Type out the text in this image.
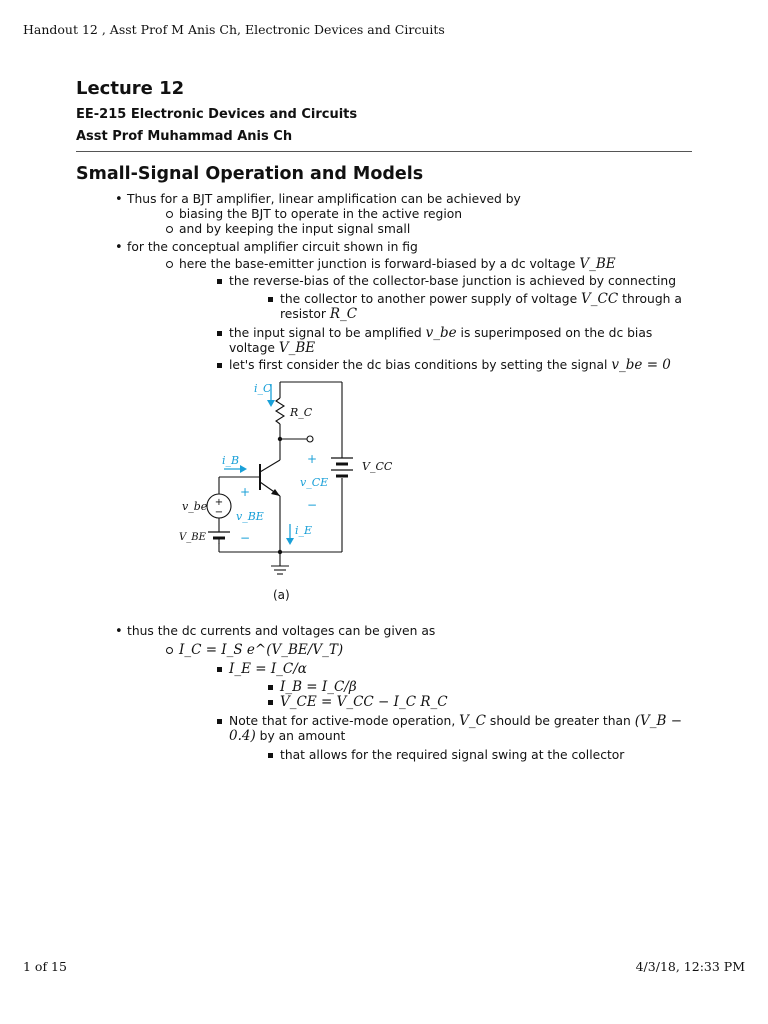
Handout 12 , Asst Prof M Anis Ch, Electronic Devices and Circuits
Lecture 12
EE-215 Electronic Devices and Circuits
Asst Prof Muhammad Anis Ch
Small-Signal Operation and Models
• Thus for a BJT amplifier, linear amplification can be achieved by
biasing the BJT to operate in the active region
and by keeping the input signal small
• for the conceptual amplifier circuit shown in fig
here the base-emitter junction is forward-biased by a dc voltage V_BE
the reverse-bias of the collector-base junction is achieved by connecting
the collector to another power supply of voltage V_CC through a resistor R_C
the input signal to be amplified v_be is superimposed on the dc bias voltage V_BE
let's first consider the dc bias conditions by setting the signal v_be = 0
+
−
i_C
R_C
i_B
v_CE
V_CC
v_be
v_BE
V_BE
i_E
+
−
+
−
(a)
• thus the dc currents and voltages can be given as
I_C = I_S e^(V_BE/V_T)
I_E = I_C/α
I_B = I_C/β
V_CE = V_CC − I_C R_C
Note that for active-mode operation, V_C should be greater than (V_B − 0.4) by an amount
that allows for the required signal swing at the collector
1 of 15	4/3/18, 12:33 PM
